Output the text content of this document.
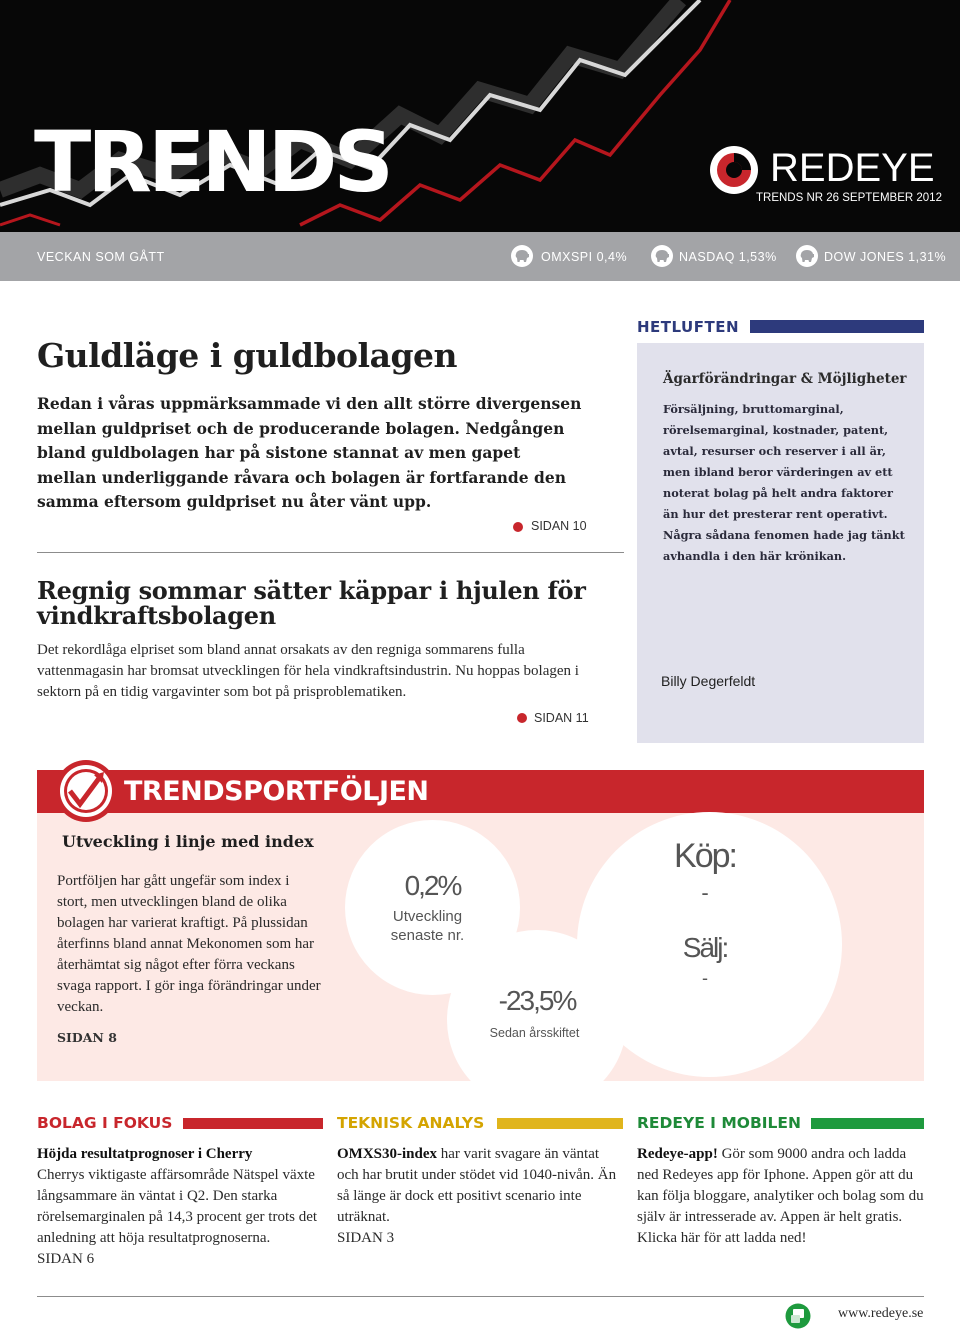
TRENDS	REDEYE
TRENDS NR 26 SEPTEMBER 2012
VECKAN SOM GÅTT	OMXSPI 0,4%	NASDAQ 1,53%	DOW JONES 1,31%
Guldläge i guldbolagen
Redan i våras uppmärksammade vi den allt större divergensen mellan guldpriset och de producerande bolagen. Nedgången bland guldbolagen har på sistone stannat av men gapet mellan underliggande råvara och bolagen är fortfarande den samma eftersom guldpriset nu åter vänt upp.
SIDAN 10
Regnig sommar sätter käppar i hjulen för vindkraftsbolagen
Det rekordlåga elpriset som bland annat orsakats av den regniga sommarens fulla vattenmagasin har bromsat utvecklingen för hela vindkraftsindustrin. Nu hoppas bolagen i sektorn på en tidig vargavinter som bot på prisproblematiken.
SIDAN 11
HETLUFTEN
Ägarförändringar & Möjligheter
Försäljning, bruttomarginal, rörelsemarginal, kostnader, patent, avtal, resurser och reserver i all är, men ibland beror värderingen av ett noterat bolag på helt andra faktorer än hur det presterar rent operativt. Några sådana fenomen hade jag tänkt avhandla i den här krönikan.
Billy Degerfeldt
TRENDSPORTFÖLJEN
Utveckling i linje med index
Portföljen har gått ungefär som index i stort, men utvecklingen bland de olika bolagen har varierat kraftigt. På plussidan återfinns bland annat Mekonomen som har återhämtat sig något efter förra veckans svaga rapport. I gör inga förändringar under veckan.
SIDAN 8
0,2%
Utveckling senaste nr.
-23,5%
Sedan årsskiftet
Köp:
-
Sälj:
-
BOLAG I FOKUS
Höjda resultatprognoser i Cherry
Cherrys viktigaste affärsområde Nätspel växte långsammare än väntat i Q2. Den starka rörelsemarginalen på 14,3 procent ger trots det anledning att höja resultatprognoserna.
SIDAN 6
TEKNISK ANALYS
OMXS30-index har varit svagare än väntat och har brutit under stödet vid 1040-nivån. Än så länge är dock ett positivt scenario inte uträknat.
SIDAN 3
REDEYE I MOBILEN
Redeye-app! Gör som 9000 andra och ladda ned Redeyes app för Iphone. Appen gör att du kan följa bloggare, analytiker och bolag som du själv är intresserade av. Appen är helt gratis. Klicka här för att ladda ned!
www.redeye.se
